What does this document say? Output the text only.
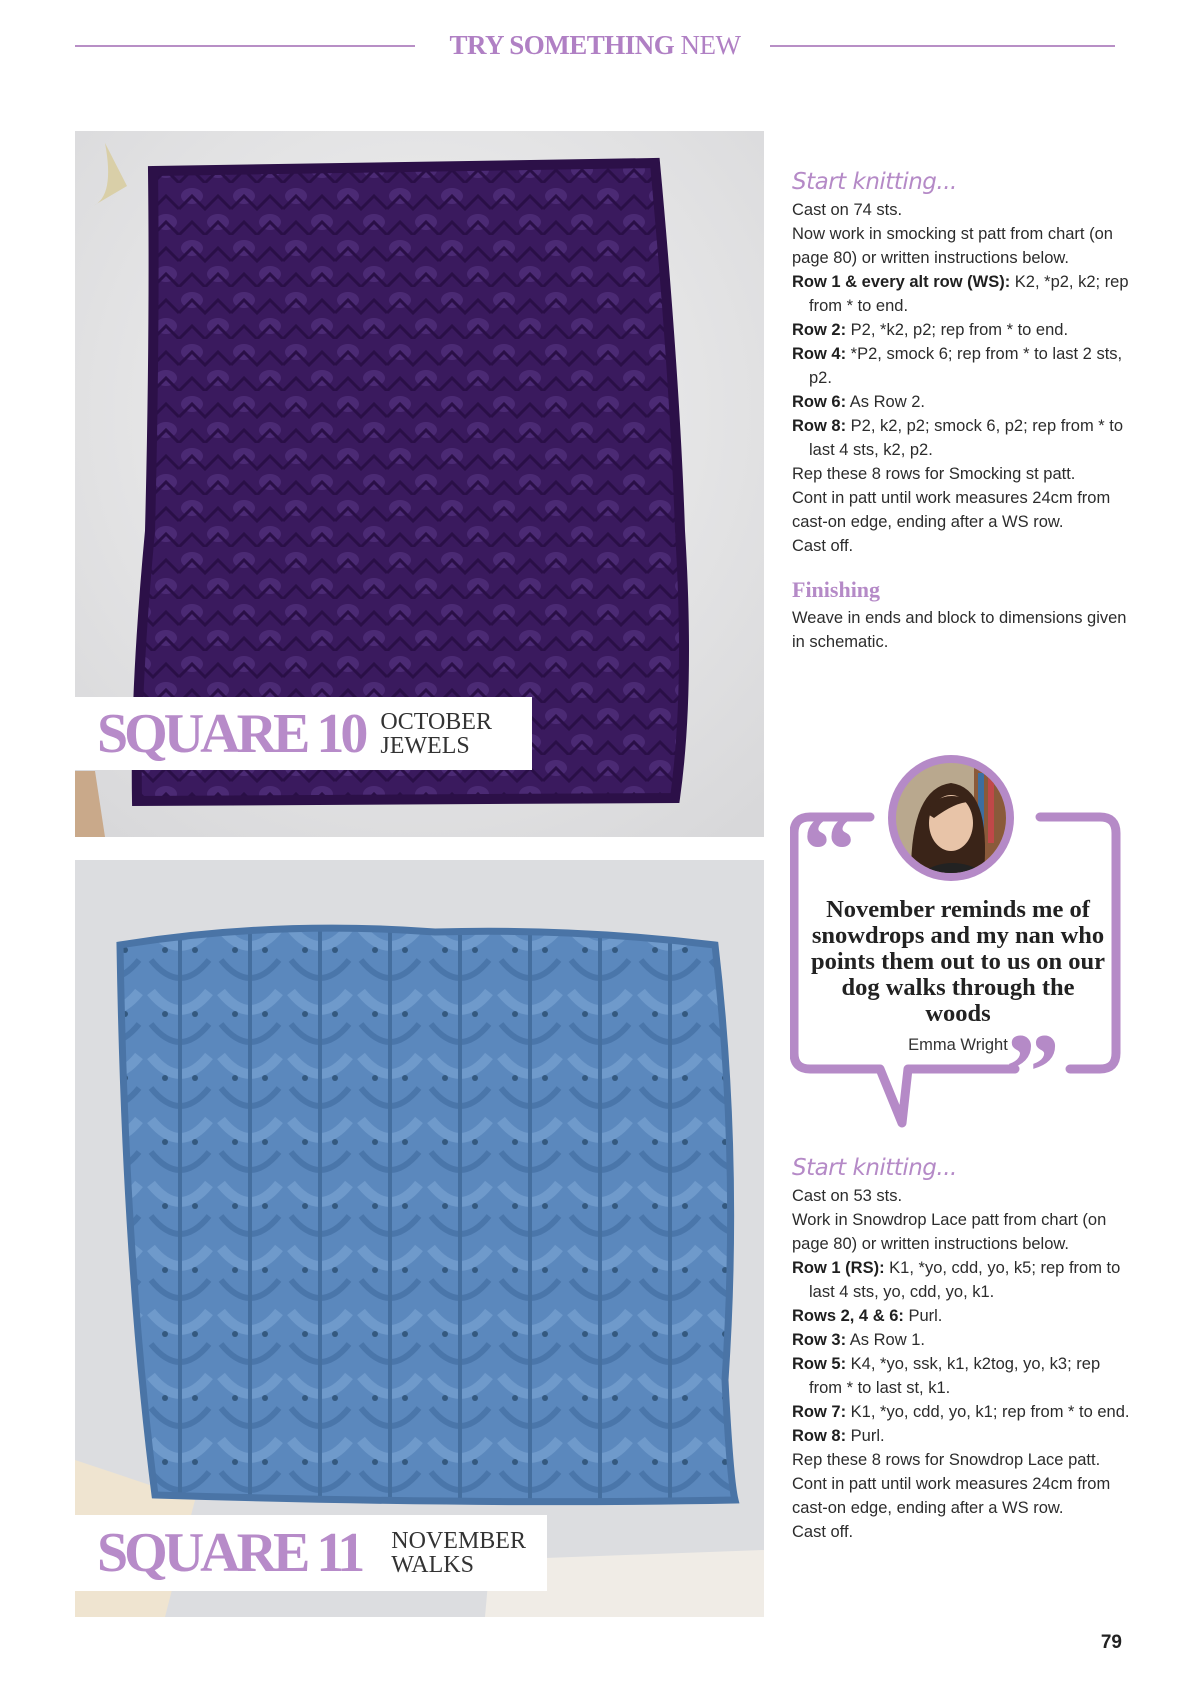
TRY SOMETHING NEW
SQUARE 10 OCTOBER
JEWELS
SQUARE 11 NOVEMBER
WALKS
Start knitting...

Cast on 74 sts.

Now work in smocking st patt from chart (on page 80) or written instructions below.

Row 1 & every alt row (WS): K2, *p2, k2; rep from * to end.

Row 2: P2, *k2, p2; rep from * to end.

Row 4: *P2, smock 6; rep from * to last 2 sts, p2.

Row 6: As Row 2.

Row 8: P2, k2, p2; smock 6, p2; rep from * to last 4 sts, k2, p2.

Rep these 8 rows for Smocking st patt.

Cont in patt until work measures 24cm from cast-on edge, ending after a WS row.

Cast off.

Finishing

Weave in ends and block to dimensions given in schematic.

“
”
November reminds me of snowdrops and my nan who points them out to us on our dog walks through the woods
Emma Wright
Start knitting...

Cast on 53 sts.

Work in Snowdrop Lace patt from chart (on page 80) or written instructions below.

Row 1 (RS): K1, *yo, cdd, yo, k5; rep from to last 4 sts, yo, cdd, yo, k1.

Rows 2, 4 & 6: Purl.

Row 3: As Row 1.

Row 5: K4, *yo, ssk, k1, k2tog, yo, k3; rep from * to last st, k1.

Row 7: K1, *yo, cdd, yo, k1; rep from * to end.

Row 8: Purl.

Rep these 8 rows for Snowdrop Lace patt.

Cont in patt until work measures 24cm from cast-on edge, ending after a WS row.

Cast off.

79
